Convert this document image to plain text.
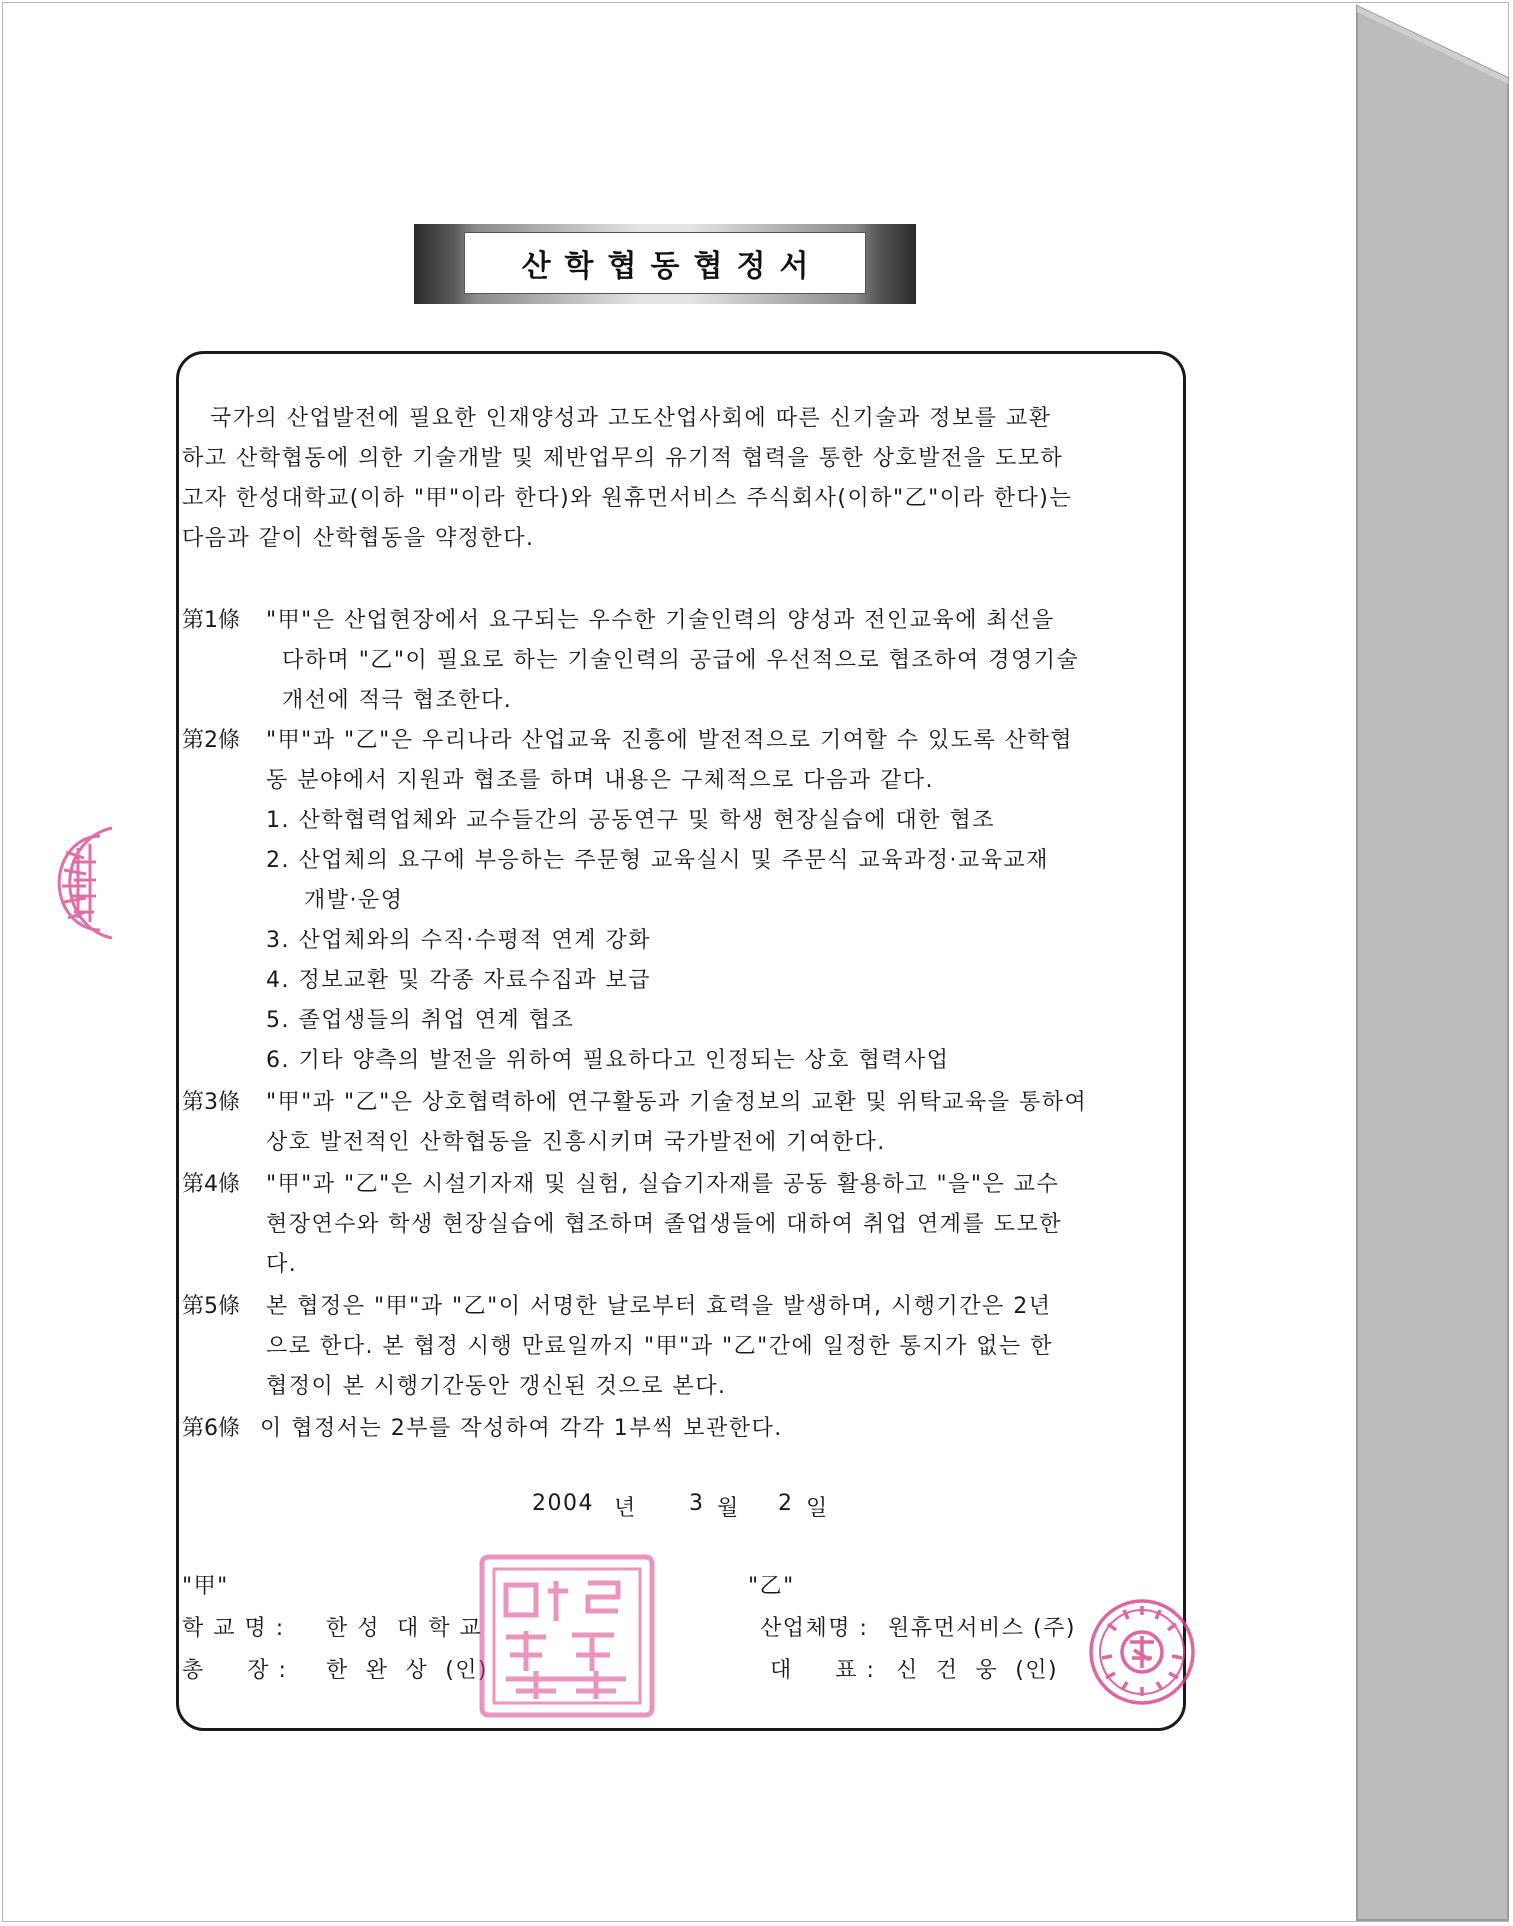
산학협동협정서
국가의 산업발전에 필요한 인재양성과 고도산업사회에 따른 신기술과 정보를 교환
하고 산학협동에 의한 기술개발 및 제반업무의 유기적 협력을 통한 상호발전을 도모하
고자 한성대학교(이하 "甲"이라 한다)와 원휴먼서비스 주식회사(이하"乙"이라 한다)는
다음과 같이 산학협동을 약정한다.
第1條 "甲"은 산업현장에서 요구되는 우수한 기술인력의 양성과 전인교육에 최선을
다하며 "乙"이 필요로 하는 기술인력의 공급에 우선적으로 협조하여 경영기술
개선에 적극 협조한다.
第2條 "甲"과 "乙"은 우리나라 산업교육 진흥에 발전적으로 기여할 수 있도록 산학협
동 분야에서 지원과 협조를 하며 내용은 구체적으로 다음과 같다.
1. 산학협력업체와 교수들간의 공동연구 및 학생 현장실습에 대한 협조
2. 산업체의 요구에 부응하는 주문형 교육실시 및 주문식 교육과정·교육교재
개발·운영
3. 산업체와의 수직·수평적 연계 강화
4. 정보교환 및 각종 자료수집과 보급
5. 졸업생들의 취업 연계 협조
6. 기타 양측의 발전을 위하여 필요하다고 인정되는 상호 협력사업
第3條 "甲"과 "乙"은 상호협력하에 연구활동과 기술정보의 교환 및 위탁교육을 통하여
상호 발전적인 산학협동을 진흥시키며 국가발전에 기여한다.
第4條 "甲"과 "乙"은 시설기자재 및 실험, 실습기자재를 공동 활용하고 "을"은 교수
현장연수와 학생 현장실습에 협조하며 졸업생들에 대하여 취업 연계를 도모한
다.
第5條 본 협정은 "甲"과 "乙"이 서명한 날로부터 효력을 발생하며, 시행기간은 2년
으로 한다. 본 협정 시행 만료일까지 "甲"과 "乙"간에 일정한 통지가 없는 한
협정이 본 시행기간동안 갱신된 것으로 본다.
第6條 이 협정서는 2부를 작성하여 각각 1부씩 보관한다.
2004 년 3 월 2 일
"甲"
학 교 명 : 한 성  대 학 교
총     장 : 한  완  상  (인)
"乙"
산업체명 : 원휴먼서비스 (주)
대     표 : 신  건  웅  (인)
